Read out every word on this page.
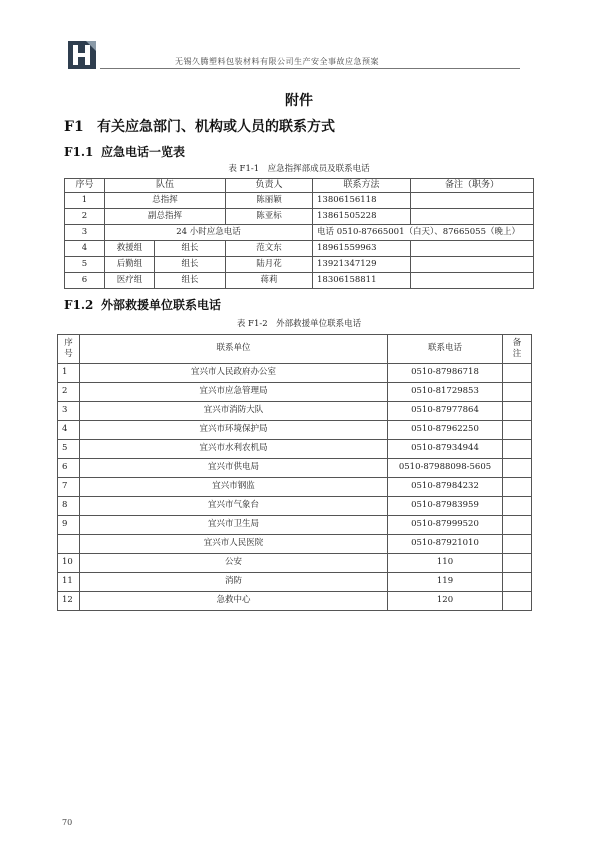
无锡久腾塑料包装材料有限公司生产安全事故应急预案
附件
F1 有关应急部门、机构或人员的联系方式
F1.1 应急电话一览表
表 F1-1　应急指挥部成员及联系电话
序号	队伍		负责人	联系方法	备注（职务）
1	总指挥		陈丽颖	13806156118	
2	副总指挥		陈亚标	13861505228	
3	24 小时应急电话			电话 0510-87665001（白天）、87665055（晚上）	
4	救援组	组长	范文东	18961559963	
5	后勤组	组长	陆月花	13921347129	
6	医疗组	组长	蒋莉	18306158811	
F1.2 外部救援单位联系电话
表 F1-2　外部救援单位联系电话
序
号	联系单位	联系电话	备
注
1	宜兴市人民政府办公室	0510-87986718	
2	宜兴市应急管理局	0510-81729853	
3	宜兴市消防大队	0510-87977864	
4	宜兴市环境保护局	0510-87962250	
5	宜兴市水利农机局	0510-87934944	
6	宜兴市供电局	0510-87988098-5605	
7	宜兴市钢监	0510-87984232	
8	宜兴市气象台	0510-87983959	
9	宜兴市卫生局	0510-87999520	
	宜兴市人民医院	0510-87921010	
10	公安	110	
11	消防	119	
12	急救中心	120	
70
